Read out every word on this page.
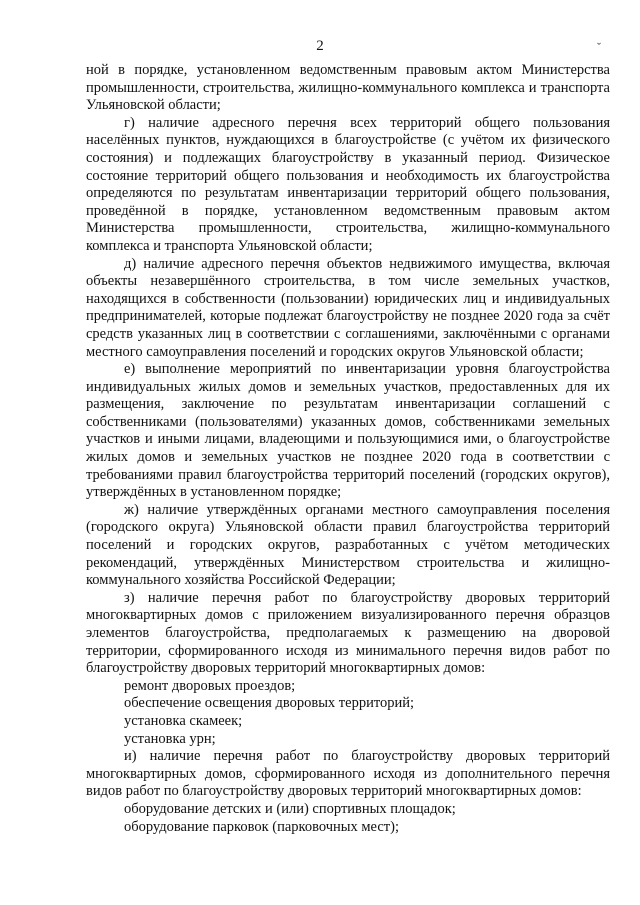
2	ˇ

ной в порядке, установленном ведомственным правовым актом Министерства промышленности, строительства, жилищно-коммунального комплекса и транспорта Ульяновской области;

г) наличие адресного перечня всех территорий общего пользования населённых пунктов, нуждающихся в благоустройстве (с учётом их физического состояния) и подлежащих благоустройству в указанный период. Физическое состояние территорий общего пользования и необходимость их благоустройства определяются по результатам инвентаризации территорий общего пользования, проведённой в порядке, установленном ведомственным правовым актом Министерства промышленности, строительства, жилищно-коммунального комплекса и транспорта Ульяновской области;

д) наличие адресного перечня объектов недвижимого имущества, включая объекты незавершённого строительства, в том числе земельных участков, находящихся в собственности (пользовании) юридических лиц и индивидуальных предпринимателей, которые подлежат благоустройству не позднее 2020 года за счёт средств указанных лиц в соответствии с соглашениями, заключёнными с органами местного самоуправления поселений и городских округов Ульяновской области;

е) выполнение мероприятий по инвентаризации уровня благоустройства индивидуальных жилых домов и земельных участков, предоставленных для их размещения, заключение по результатам инвентаризации соглашений с собственниками (пользователями) указанных домов, собственниками земельных участков и иными лицами, владеющими и пользующимися ими, о благоустройстве жилых домов и земельных участков не позднее 2020 года в соответствии с требованиями правил благоустройства территорий поселений (городских округов), утверждённых в установленном порядке;

ж) наличие утверждённых органами местного самоуправления поселения (городского округа) Ульяновской области правил благоустройства территорий поселений и городских округов, разработанных с учётом методических рекомендаций, утверждённых Министерством строительства и жилищно-коммунального хозяйства Российской Федерации;

з) наличие перечня работ по благоустройству дворовых территорий многоквартирных домов с приложением визуализированного перечня образцов элементов благоустройства, предполагаемых к размещению на дворовой территории, сформированного исходя из минимального перечня видов работ по благоустройству дворовых территорий многоквартирных домов:

ремонт дворовых проездов;

обеспечение освещения дворовых территорий;

установка скамеек;

установка урн;

и) наличие перечня работ по благоустройству дворовых территорий многоквартирных домов, сформированного исходя из дополнительного перечня видов работ по благоустройству дворовых территорий многоквартирных домов:

оборудование детских и (или) спортивных площадок;

оборудование парковок (парковочных мест);
